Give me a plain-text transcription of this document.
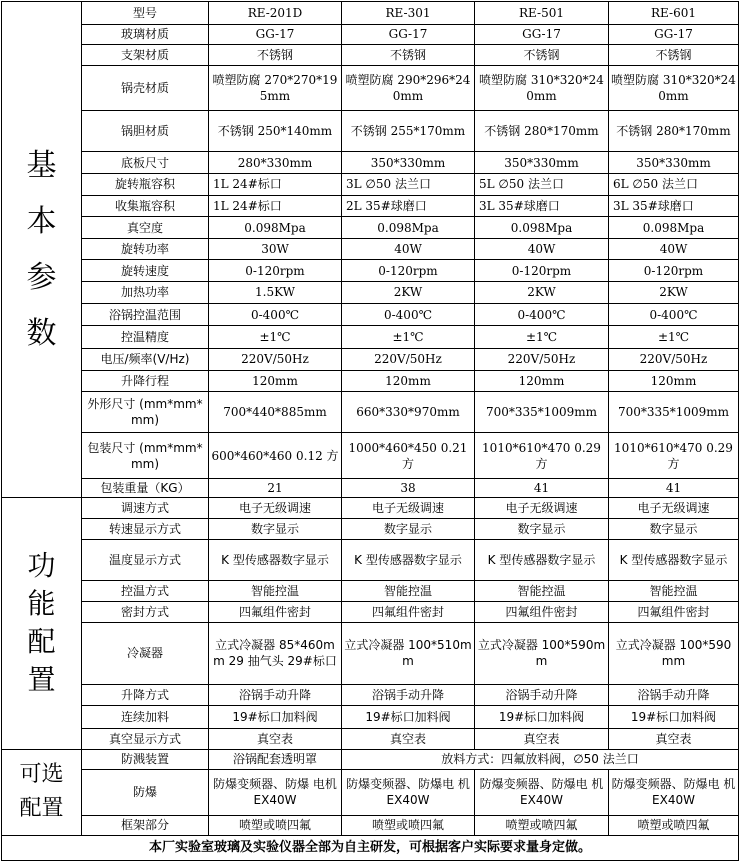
基
本
参
数	型号	RE-201D	RE-301	RE-501	RE-601
	玻璃材质	GG-17	GG-17	GG-17	GG-17
	支架材质	不锈钢	不锈钢	不锈钢	不锈钢
	锅壳材质	喷塑防腐 270*270*195mm	喷塑防腐 290*296*240mm	喷塑防腐 310*320*240mm	喷塑防腐 310*320*240mm
	锅胆材质	不锈钢 250*140mm	不锈钢 255*170mm	不锈钢 280*170mm	不锈钢 280*170mm
	底板尺寸	280*330mm	350*330mm	350*330mm	350*330mm
	旋转瓶容积	1L 24#标口	3L ∅50 法兰口	5L ∅50 法兰口	6L ∅50 法兰口
	收集瓶容积	1L 24#标口	2L 35#球磨口	3L 35#球磨口	3L 35#球磨口
	真空度	0.098Mpa	0.098Mpa	0.098Mpa	0.098Mpa
	旋转功率	30W	40W	40W	40W
	旋转速度	0-120rpm	0-120rpm	0-120rpm	0-120rpm
	加热功率	1.5KW	2KW	2KW	2KW
	浴锅控温范围	0-400℃	0-400℃	0-400℃	0-400℃
	控温精度	±1℃	±1℃	±1℃	±1℃
	电压/频率(V/Hz)	220V/50Hz	220V/50Hz	220V/50Hz	220V/50Hz
	升降行程	120mm	120mm	120mm	120mm
	外形尺寸 (mm*mm*mm)	700*440*885mm	660*330*970mm	700*335*1009mm	700*335*1009mm
	包装尺寸 (mm*mm*mm)	600*460*460 0.12 方	1000*460*450 0.21 方	1010*610*470 0.29 方	1010*610*470 0.29 方
	包装重量（KG）	21	38	41	41

功
能
配
置	调速方式	电子无级调速	电子无级调速	电子无级调速	电子无级调速
	转速显示方式	数字显示	数字显示	数字显示	数字显示
	温度显示方式	K 型传感器数字显示	K 型传感器数字显示	K 型传感器数字显示	K 型传感器数字显示
	控温方式	智能控温	智能控温	智能控温	智能控温
	密封方式	四氟组件密封	四氟组件密封	四氟组件密封	四氟组件密封
	冷凝器	立式冷凝器 85*460mm 29 抽气头 29#标口	立式冷凝器 100*510mm	立式冷凝器 100*590mm	立式冷凝器 100*590mm
	升降方式	浴锅手动升降	浴锅手动升降	浴锅手动升降	浴锅手动升降
	连续加料	19#标口加料阀	19#标口加料阀	19#标口加料阀	19#标口加料阀
	真空显示方式	真空表	真空表	真空表	真空表

可选
配置	防溅装置	浴锅配套透明罩	放料方式：四氟放料阀，∅50 法兰口		
	防爆	防爆变频器、防爆 电机 EX40W	防爆变频器、防爆电 机 EX40W	防爆变频器、防爆电 机 EX40W	防爆变频器、防爆电 机 EX40W
	框架部分	喷塑或喷四氟	喷塑或喷四氟	喷塑或喷四氟	喷塑或喷四氟
本厂实验室玻璃及实验仪器全部为自主研发，可根据客户实际要求量身定做。					
